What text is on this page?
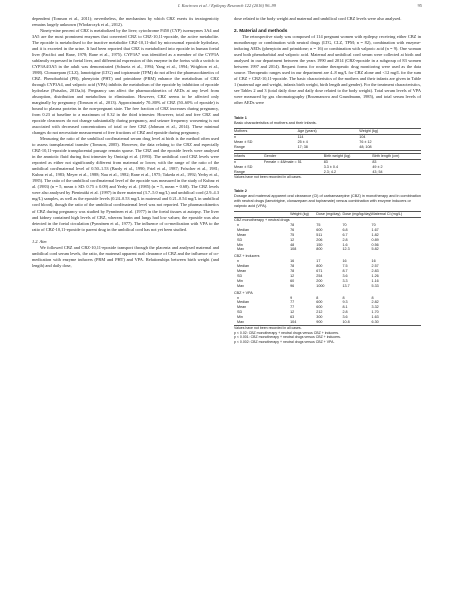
I. Kacirova et al. / Epilepsy Research 122 (2016) 96–99	95

dependent (Tomson et al., 2011); nevertheless, the mechanism by which CBZ exerts its teratogenicity remains largely unknown (Wlodarczyk et al., 2012).

Ninety-nine percent of CBZ is metabolized by the liver; cytochrome P450 (CYP) isoenzymes 3A4 and 3A5 are the most prominent enzymes that converted CBZ to CBZ-10,11-epoxide, the active metabolite. The epoxide is metabolised to the inactive metabolite CBZ-10,11-diol by microsomal epoxide hydrolase, and it is excreted in the urine. It had been reported that CBZ is metabolized into epoxide in human foetal liver (Pacifici and Rane, 1978; Rane et al., 1975). CYP3A7 was identified as a member of the CYP3A subfamily expressed in foetal liver, and differential expression of this enzyme in the foetus with a switch to CYP3A4/3A5 in the adult was demonstrated (Schuetz et al., 1994; Yang et al., 1994; Wrighton et al., 1988). Clonazepam (CLZ), lamotrigine (LTG) and topiramate (TPM) do not affect the pharmacokinetics of CBZ. Phenobarbital (PB), phenytoin (PHT) and primidone (PRM) enhance the metabolism of CBZ through CYP3A4, and valproic acid (VPA) inhibits the metabolism of the epoxide by inhibition of epoxide hydrolase (Patsalos, 2013a,b). Pregnancy can affect the pharmacokinetics of AEDs at any level from absorption, distribution and metabolism to elimination. However, CBZ seems to be affected only marginally by pregnancy (Tomson et al., 2013). Approximately 70–80% of CBZ (50–60% of epoxide) is bound to plasma proteins in the non-pregnant state. The free fraction of CBZ increases during pregnancy, from 0.23 at baseline to a maximum of 0.32 in the third trimester. However, total and free CBZ and epoxide clearances do not change substantially during pregnancy, and seizure frequency worsening is not associated with decreased concentrations of total or free CBZ (Johnson et al., 2014). These minimal changes do not necessitate measurement of free fractions of CBZ and epoxide during pregnancy.

Measuring the ratio of the umbilical cord/maternal serum drug level at birth is the method often used to assess transplacental transfer (Tomson, 2005). However, the data relating to the CBZ and especially CBZ-10,11-epoxide transplacental passage remain sparse. The CBZ and the epoxide levels were analysed in the amniotic fluid during first trimester by Omtzigt et al. (1993). The umbilical cord CBZ levels were reported as either not significantly different from maternal or lower, with the range of the ratio of the umbilical cord/maternal level of 0.50–1.53 (Bardy et al., 1990; Friel et al., 1987; Fröscher et al., 1981; Kuhnz et al., 1983; Meyer et al., 1988; Nau et al., 1982; Rane et al., 1975; Takeda et al., 1992; Yerby et al., 1985). The ratio of the umbilical cord/maternal level of the epoxide was measured in the study of Kuhnz et al. (1983) (n = 5, mean ± SD: 0.75 ± 0.09) and Yerby et al. (1985) (n = 5, mean = 0.68). The CBZ levels were also analysed by Pienimäki et al. (1997) in three maternal (3.7–5.0 mg/L) and umbilical cord (2.9–4.3 mg/L) samples, as well as the epoxide levels (0.24–0.53 mg/L in maternal and 0.21–0.54 mg/L in umbilical cord blood), though the ratio of the umbilical cord/maternal level was not reported. The pharmacokinetics of CBZ during pregnancy was studied by Pynnönen et al. (1977) in the foetal tissues at autopsy. The liver and kidney contained high levels of CBZ, whereas brain and lungs had low values; the epoxide was also detected in the foetal circulation (Pynnönen et al., 1977). The influence of co-medication with VPA to the ratio of CBZ-10,11-epoxide to parent drug in the umbilical cord has not yet been studied.

1.2. Aim

We followed CBZ and CBZ-10,11-epoxide transport through the placenta and analysed maternal and umbilical cord serum levels, the ratio, the maternal apparent oral clearance of CBZ and the influence of co-medication with enzyme inducers (PRM and PHT) and VPA. Relationships between birth weight (and length) and daily dose,

dose related to the body weight and maternal and umbilical cord CBZ levels were also analysed.

2. Material and methods

The retrospective study was composed of 114 pregnant women with epilepsy receiving either CBZ in monotherapy or combination with neutral drugs (LTG, CLZ, TPM; n = 82), combination with enzyme-inducing AEDs (phenytoin and primidone; n = 16) or combination with valproic acid (n = 9). One woman used both phenobarbital and valproic acid. Maternal and umbilical cord serum were collected at birth and analysed in our department between the years 1990 and 2014 (CBZ-epoxide in a subgroup of 83 women between 1997 and 2014). Request forms for routine therapeutic drug monitoring were used as the data source. Therapeutic ranges used in our department are 4–8 mg/L for CBZ alone and <12 mg/L for the sum of CBZ + CBZ-10,11-epoxide. The basic characteristics of the mothers and their infants are given in Table 1 (maternal age and weight, infants birth weight, birth length and gender). For the treatment characteristics, see Tables 2 and 3 (total daily dose and daily dose related to the body weight). Total serum levels of VPA were measured by gas chromatography (Brozmanova and Grundmann, 1985), and total serum levels of other AEDs were

Table 1
Basic characteristics of mothers and their infants.
Mothers	Age (years)	Weight (kg)
n	114	104
Mean ± SD	25 ± 4	76 ± 12
Range	17; 38	48; 108
Infants	Gender	Birth weight (kg)	Birth length (cm)
n	Female = 48/male = 51	83	83
Mean ± SD		3.3 ± 0.4	49 ± 2
Range		2.3; 4.2	43; 54
Values have not been recorded in all cases.
Table 2
Dosage and maternal apparent oral clearance (Cl) of carbamazepine (CBZ) in monotherapy and in combination with neutral drugs (lamotrigine, clonazepam and topiramate) versus combination with enzyme inducers or valproic acid (VPA).
	Weight (kg)	Dose (mg/day)	Dose (mg/kg/day)	Maternal Cl (mg/L)
CBZ monotherapy + neutral drugs				
n	78	75	70	70
Median	76	600	6.8	1.67
Mean	75	511	6.7	1.82
SD	12	206	2.8	0.89
Min	48	150	1.6	0.56
Max	108	800	12.3	5.82
CBZ + inducers				
n	16	17	16	16
Median	78	800	7.5	2.57
Mean	78	671	8.7	2.83
SD	12	254	3.6	1.26
Min	60	200	3.3	1.16
Max	96	1000	13.7	5.33
CBZ + VPA				
n	9	8	8	8
Median	77	600	9.3	2.82
Mean	77	600	8.1	3.32
SD	12	212	2.8	1.70
Min	63	300	3.6	1.63
Max	104	900	10.8	6.30
Values have not been recorded in all cases.
p < 0.02: CBZ monotherapy + neutral drugs versus CBZ + inducers.
p < 0.001: CBZ monotherapy + neutral drugs versus CBZ + inducers.
p < 0.002: CBZ monotherapy + neutral drugs versus CBZ + VPA.
